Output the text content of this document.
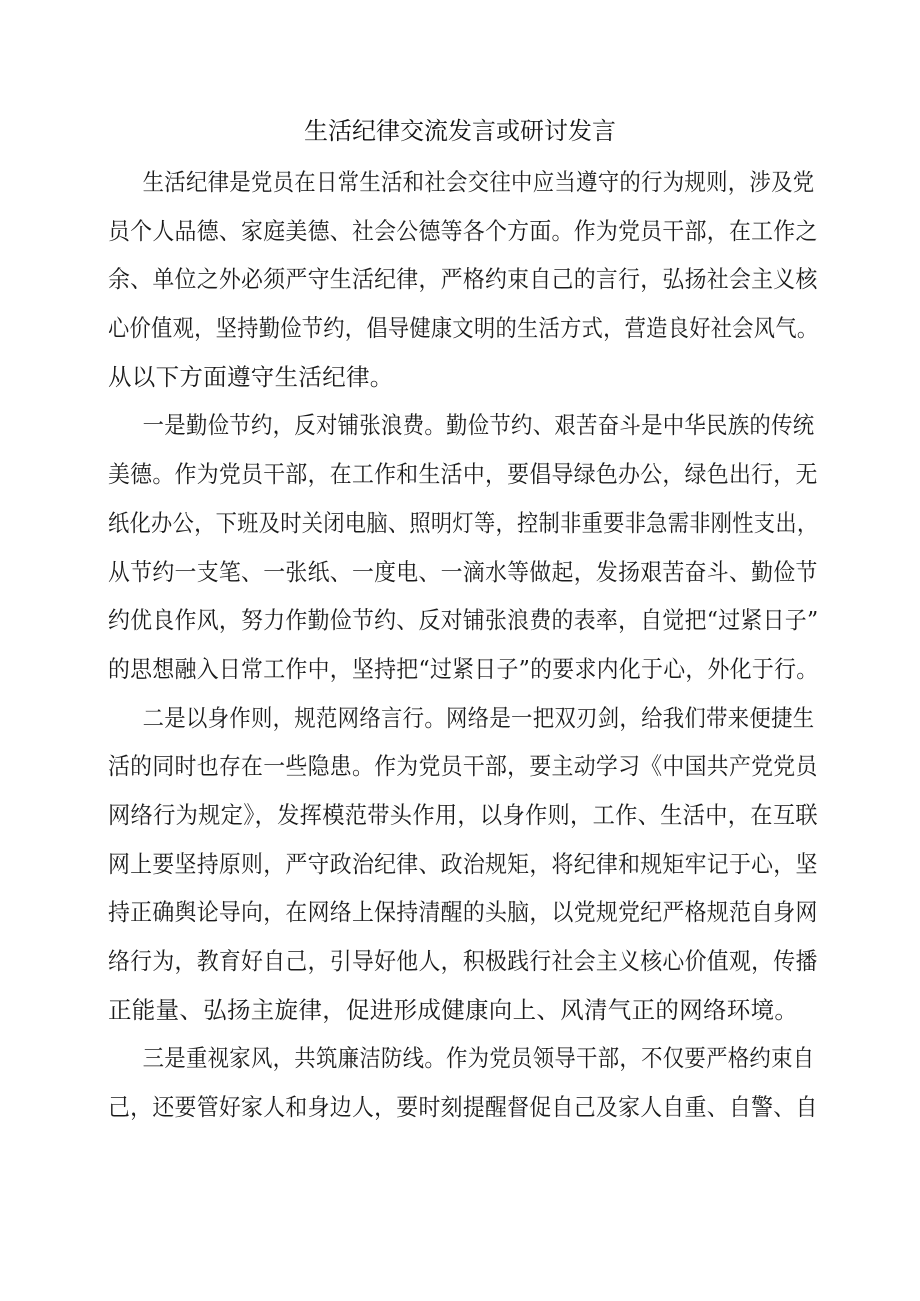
生活纪律交流发言或研讨发言

生活纪律是党员在日常生活和社会交往中应当遵守的行为规则，涉及党
员个人品德、家庭美德、社会公德等各个方面。作为党员干部，在工作之
余、单位之外必须严守生活纪律，严格约束自己的言行，弘扬社会主义核
心价值观，坚持勤俭节约，倡导健康文明的生活方式，营造良好社会风气。
从以下方面遵守生活纪律。

一是勤俭节约，反对铺张浪费。勤俭节约、艰苦奋斗是中华民族的传统
美德。作为党员干部，在工作和生活中，要倡导绿色办公，绿色出行，无
纸化办公，下班及时关闭电脑、照明灯等，控制非重要非急需非刚性支出，
从节约一支笔、一张纸、一度电、一滴水等做起，发扬艰苦奋斗、勤俭节
约优良作风，努力作勤俭节约、反对铺张浪费的表率，自觉把“过紧日子”
的思想融入日常工作中，坚持把“过紧日子”的要求内化于心，外化于行。

二是以身作则，规范网络言行。网络是一把双刃剑，给我们带来便捷生
活的同时也存在一些隐患。作为党员干部，要主动学习《中国共产党党员
网络行为规定》，发挥模范带头作用，以身作则，工作、生活中，在互联
网上要坚持原则，严守政治纪律、政治规矩，将纪律和规矩牢记于心，坚
持正确舆论导向，在网络上保持清醒的头脑，以党规党纪严格规范自身网
络行为，教育好自己，引导好他人，积极践行社会主义核心价值观，传播
正能量、弘扬主旋律，促进形成健康向上、风清气正的网络环境。

三是重视家风，共筑廉洁防线。作为党员领导干部，不仅要严格约束自
己，还要管好家人和身边人，要时刻提醒督促自己及家人自重、自警、自
